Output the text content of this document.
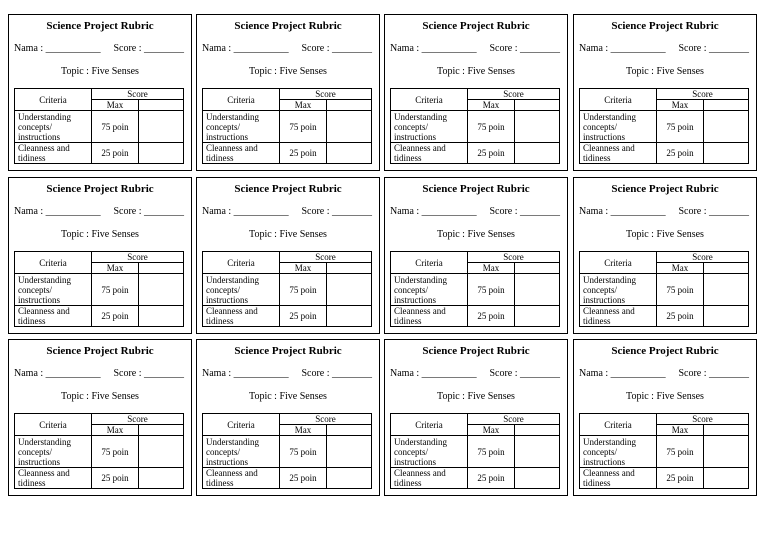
Science Project Rubric
Nama : ___________ Score : ________
Topic : Five Senses
Criteria	Score	
	Max	
Understanding concepts/ instructions	75 poin	
Cleanness and tidiness	25 poin	
Science Project Rubric
Nama : ___________ Score : ________
Topic : Five Senses
Criteria	Score	
	Max	
Understanding concepts/ instructions	75 poin	
Cleanness and tidiness	25 poin	
Science Project Rubric
Nama : ___________ Score : ________
Topic : Five Senses
Criteria	Score	
	Max	
Understanding concepts/ instructions	75 poin	
Cleanness and tidiness	25 poin	
Science Project Rubric
Nama : ___________ Score : ________
Topic : Five Senses
Criteria	Score	
	Max	
Understanding concepts/ instructions	75 poin	
Cleanness and tidiness	25 poin	
Science Project Rubric
Nama : ___________ Score : ________
Topic : Five Senses
Criteria	Score	
	Max	
Understanding concepts/ instructions	75 poin	
Cleanness and tidiness	25 poin	
Science Project Rubric
Nama : ___________ Score : ________
Topic : Five Senses
Criteria	Score	
	Max	
Understanding concepts/ instructions	75 poin	
Cleanness and tidiness	25 poin	
Science Project Rubric
Nama : ___________ Score : ________
Topic : Five Senses
Criteria	Score	
	Max	
Understanding concepts/ instructions	75 poin	
Cleanness and tidiness	25 poin	
Science Project Rubric
Nama : ___________ Score : ________
Topic : Five Senses
Criteria	Score	
	Max	
Understanding concepts/ instructions	75 poin	
Cleanness and tidiness	25 poin	
Science Project Rubric
Nama : ___________ Score : ________
Topic : Five Senses
Criteria	Score	
	Max	
Understanding concepts/ instructions	75 poin	
Cleanness and tidiness	25 poin	
Science Project Rubric
Nama : ___________ Score : ________
Topic : Five Senses
Criteria	Score	
	Max	
Understanding concepts/ instructions	75 poin	
Cleanness and tidiness	25 poin	
Science Project Rubric
Nama : ___________ Score : ________
Topic : Five Senses
Criteria	Score	
	Max	
Understanding concepts/ instructions	75 poin	
Cleanness and tidiness	25 poin	
Science Project Rubric
Nama : ___________ Score : ________
Topic : Five Senses
Criteria	Score	
	Max	
Understanding concepts/ instructions	75 poin	
Cleanness and tidiness	25 poin	
